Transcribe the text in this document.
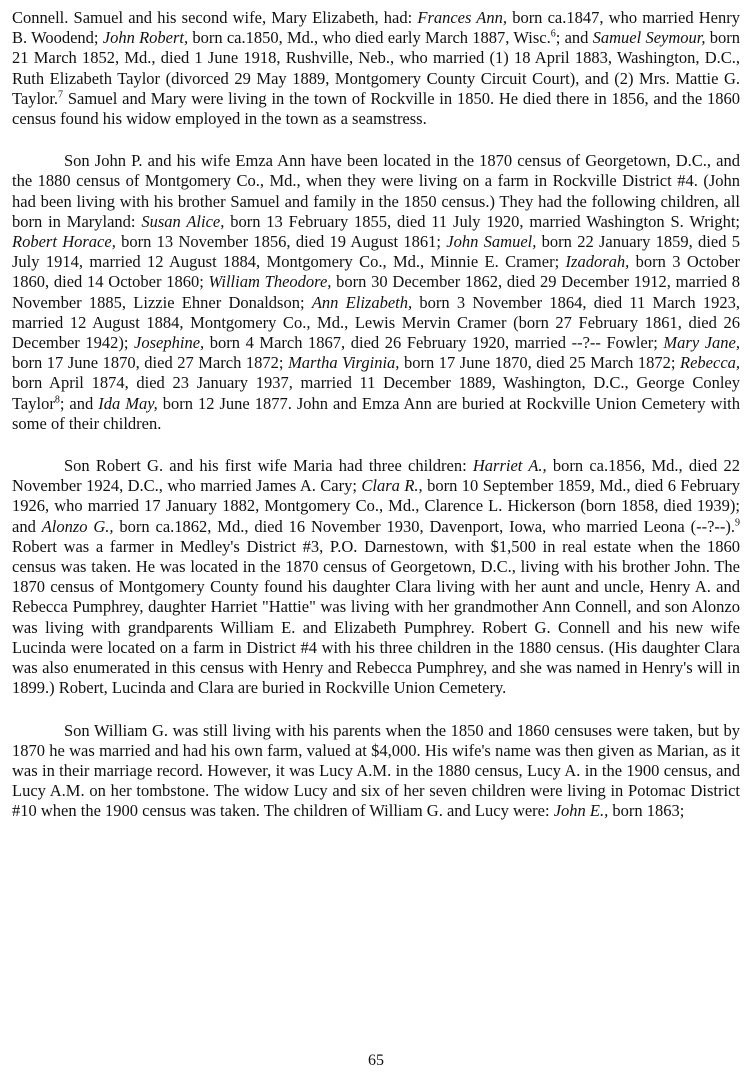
Connell. Samuel and his second wife, Mary Elizabeth, had: Frances Ann, born ca.1847, who married Henry B. Woodend; John Robert, born ca.1850, Md., who died early March 1887, Wisc.$^6$; and Samuel Seymour, born 21 March 1852, Md., died 1 June 1918, Rushville, Neb., who married (1) 18 April 1883, Washington, D.C., Ruth Elizabeth Taylor (divorced 29 May 1889, Montgomery County Circuit Court), and (2) Mrs. Mattie G. Taylor.$^7$ Samuel and Mary were living in the town of Rockville in 1850. He died there in 1856, and the 1860 census found his widow employed in the town as a seamstress.

Son John P. and his wife Emza Ann have been located in the 1870 census of Georgetown, D.C., and the 1880 census of Montgomery Co., Md., when they were living on a farm in Rockville District #4. (John had been living with his brother Samuel and family in the 1850 census.) They had the following children, all born in Maryland: Susan Alice, born 13 February 1855, died 11 July 1920, married Washington S. Wright; Robert Horace, born 13 November 1856, died 19 August 1861; John Samuel, born 22 January 1859, died 5 July 1914, married 12 August 1884, Montgomery Co., Md., Minnie E. Cramer; Izadorah, born 3 October 1860, died 14 October 1860; William Theodore, born 30 December 1862, died 29 December 1912, married 8 November 1885, Lizzie Ehner Donaldson; Ann Elizabeth, born 3 November 1864, died 11 March 1923, married 12 August 1884, Montgomery Co., Md., Lewis Mervin Cramer (born 27 February 1861, died 26 December 1942); Josephine, born 4 March 1867, died 26 February 1920, married --?-- Fowler; Mary Jane, born 17 June 1870, died 27 March 1872; Martha Virginia, born 17 June 1870, died 25 March 1872; Rebecca, born April 1874, died 23 January 1937, married 11 December 1889, Washington, D.C., George Conley Taylor$^8$; and Ida May, born 12 June 1877. John and Emza Ann are buried at Rockville Union Cemetery with some of their children.

Son Robert G. and his first wife Maria had three children: Harriet A., born ca.1856, Md., died 22 November 1924, D.C., who married James A. Cary; Clara R., born 10 September 1859, Md., died 6 February 1926, who married 17 January 1882, Montgomery Co., Md., Clarence L. Hickerson (born 1858, died 1939); and Alonzo G., born ca.1862, Md., died 16 November 1930, Davenport, Iowa, who married Leona (--?--).$^9$ Robert was a farmer in Medley's District #3, P.O. Darnestown, with $1,500 in real estate when the 1860 census was taken. He was located in the 1870 census of Georgetown, D.C., living with his brother John. The 1870 census of Montgomery County found his daughter Clara living with her aunt and uncle, Henry A. and Rebecca Pumphrey, daughter Harriet "Hattie" was living with her grandmother Ann Connell, and son Alonzo was living with grandparents William E. and Elizabeth Pumphrey. Robert G. Connell and his new wife Lucinda were located on a farm in District #4 with his three children in the 1880 census. (His daughter Clara was also enumerated in this census with Henry and Rebecca Pumphrey, and she was named in Henry's will in 1899.) Robert, Lucinda and Clara are buried in Rockville Union Cemetery.

Son William G. was still living with his parents when the 1850 and 1860 censuses were taken, but by 1870 he was married and had his own farm, valued at $4,000. His wife's name was then given as Marian, as it was in their marriage record. However, it was Lucy A.M. in the 1880 census, Lucy A. in the 1900 census, and Lucy A.M. on her tombstone. The widow Lucy and six of her seven children were living in Potomac District #10 when the 1900 census was taken. The children of William G. and Lucy were: John E., born 1863;

65
